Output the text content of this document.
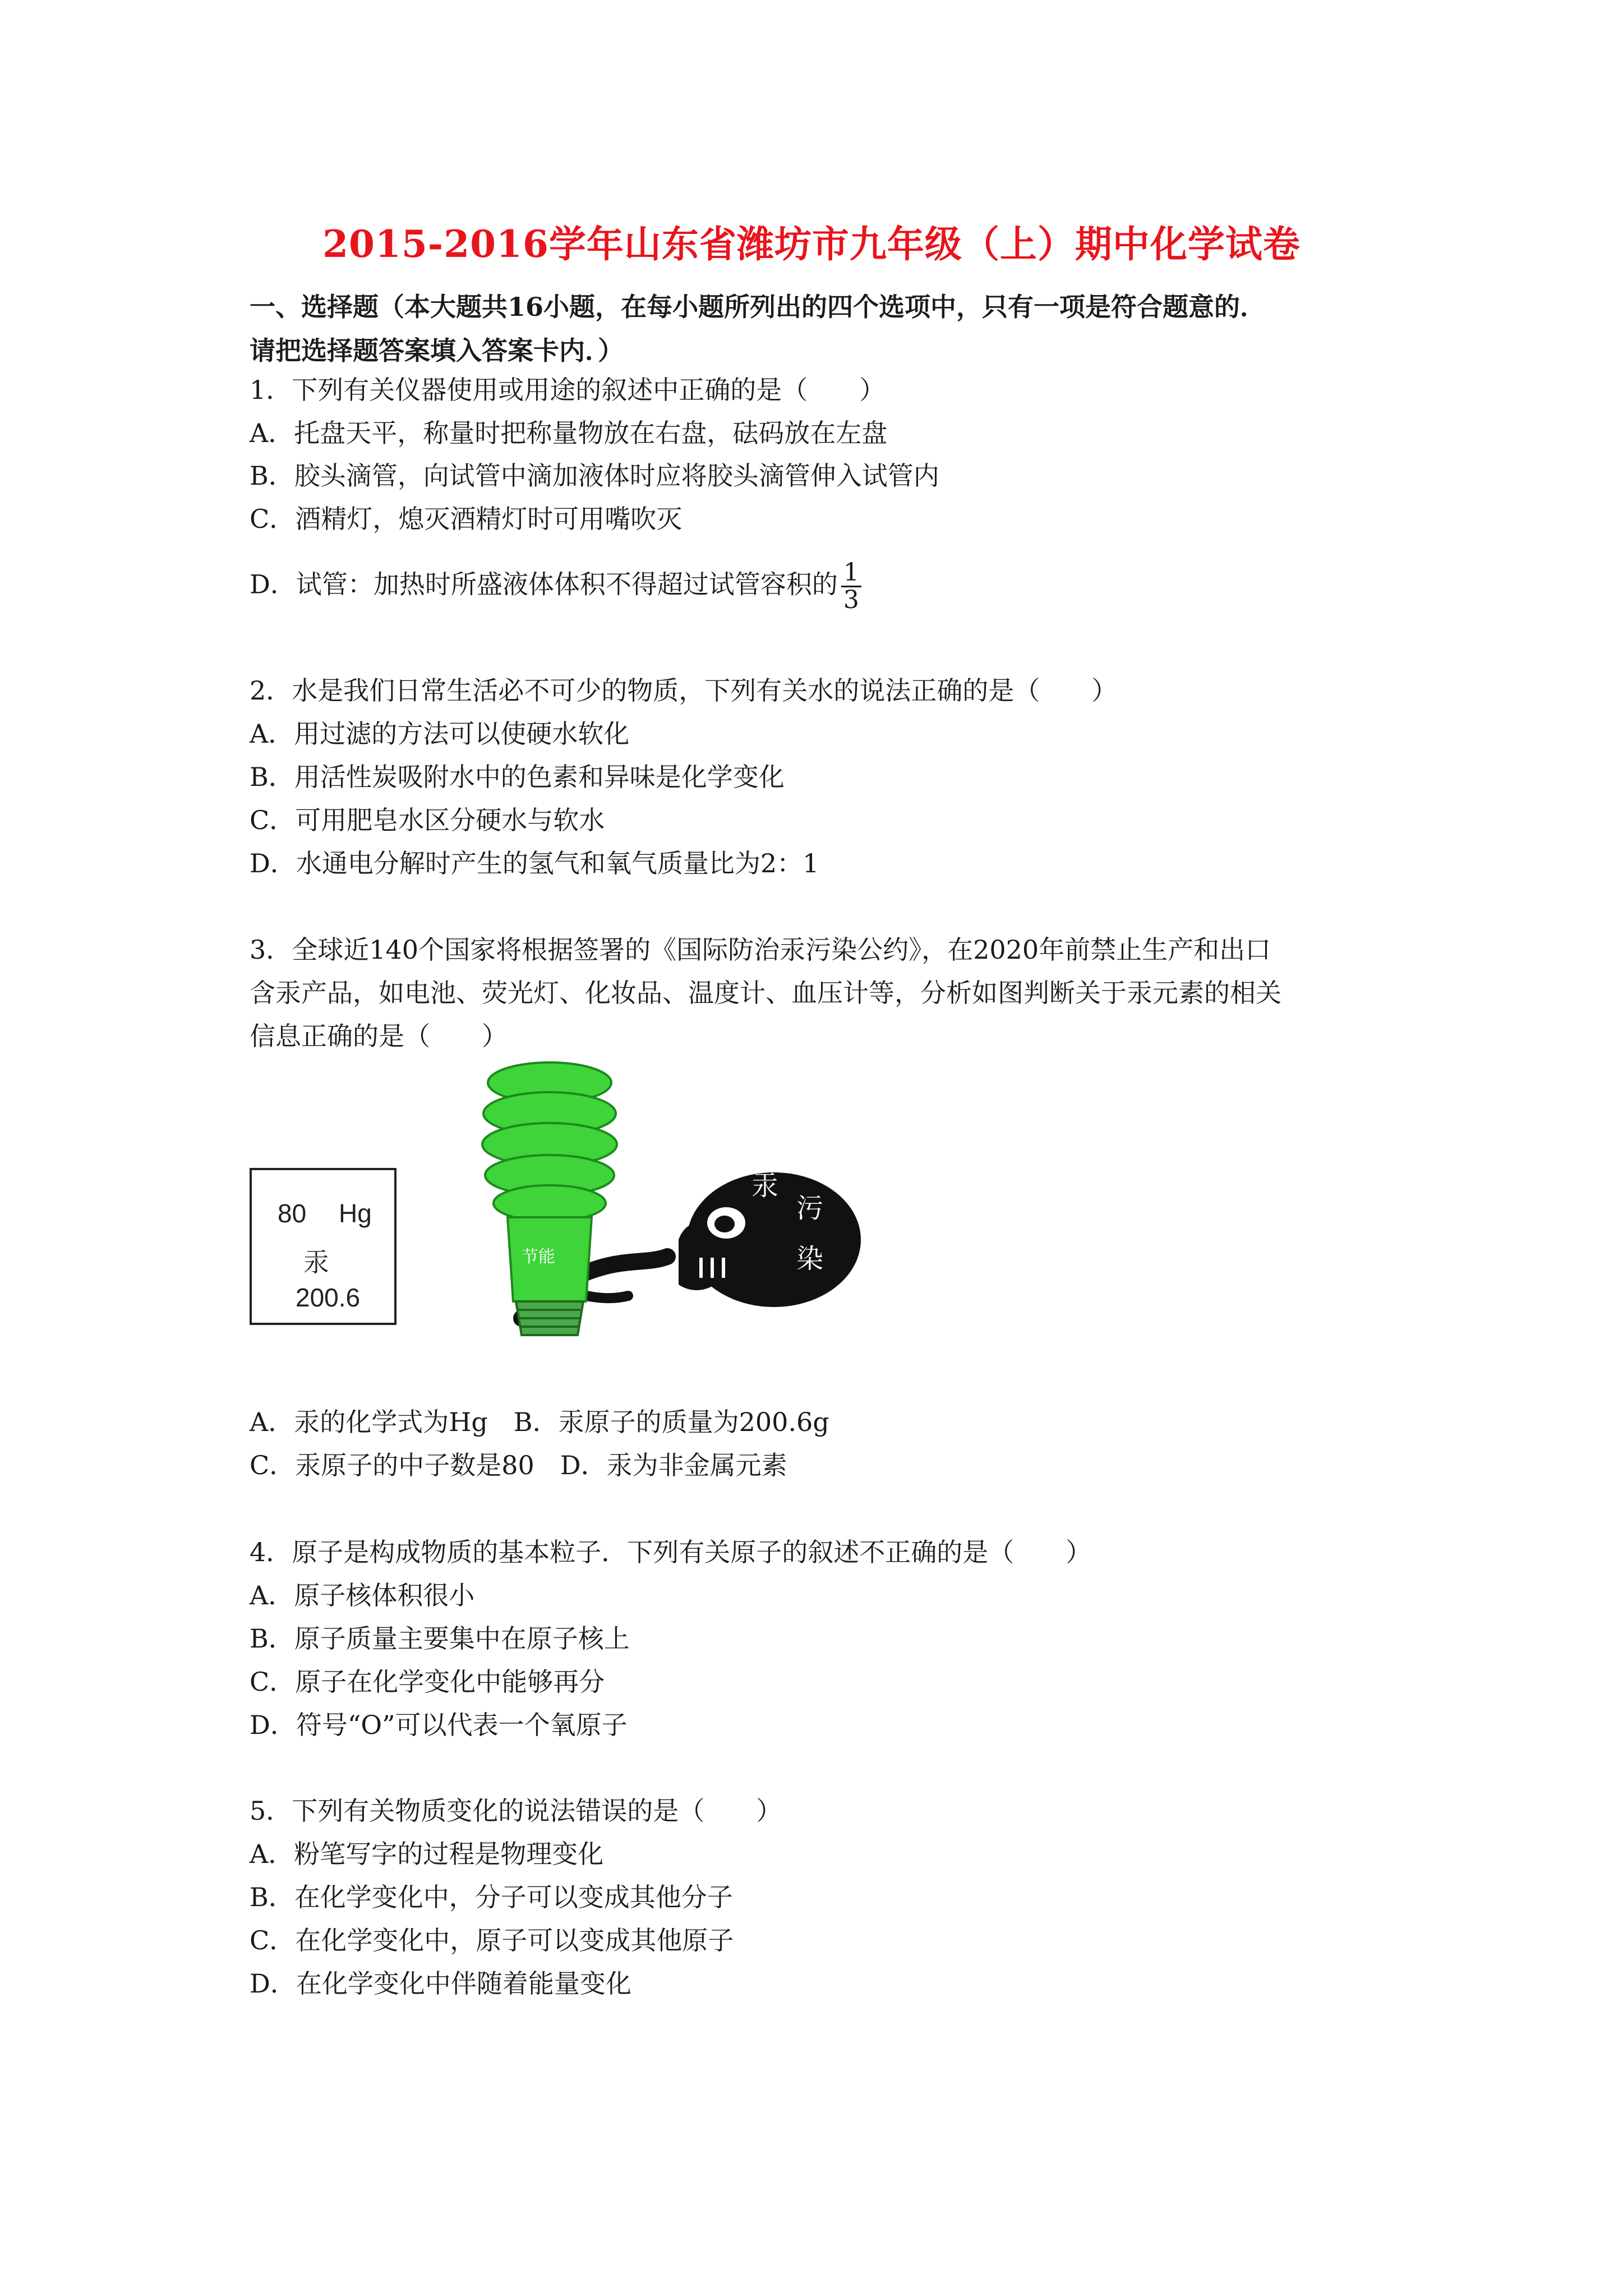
2015-2016学年山东省潍坊市九年级（上）期中化学试卷
一、选择题（本大题共16小题，在每小题所列出的四个选项中，只有一项是符合题意的．
请把选择题答案填入答案卡内．）
1．下列有关仪器使用或用途的叙述中正确的是（　　）
A．托盘天平，称量时把称量物放在右盘，砝码放在左盘
B．胶头滴管，向试管中滴加液体时应将胶头滴管伸入试管内
C．酒精灯，熄灭酒精灯时可用嘴吹灭
D．试管：加热时所盛液体体积不得超过试管容积的 $\frac{1}{3}$
2．水是我们日常生活必不可少的物质，下列有关水的说法正确的是（　　）
A．用过滤的方法可以使硬水软化
B．用活性炭吸附水中的色素和异味是化学变化
C．可用肥皂水区分硬水与软水
D．水通电分解时产生的氢气和氧气质量比为2：1
3．全球近140个国家将根据签署的《国际防治汞污染公约》，在2020年前禁止生产和出口
含汞产品，如电池、荧光灯、化妆品、温度计、血压计等，分析如图判断关于汞元素的相关
信息正确的是（　　）
80 Hg
汞
200.6
汞
污
染
节能
A．汞的化学式为Hg　B．汞原子的质量为200.6g
C．汞原子的中子数是80　D．汞为非金属元素
4．原子是构成物质的基本粒子．下列有关原子的叙述不正确的是（　　）
A．原子核体积很小
B．原子质量主要集中在原子核上
C．原子在化学变化中能够再分
D．符号“O”可以代表一个氧原子
5．下列有关物质变化的说法错误的是（　　）
A．粉笔写字的过程是物理变化
B．在化学变化中，分子可以变成其他分子
C．在化学变化中，原子可以变成其他原子
D．在化学变化中伴随着能量变化
